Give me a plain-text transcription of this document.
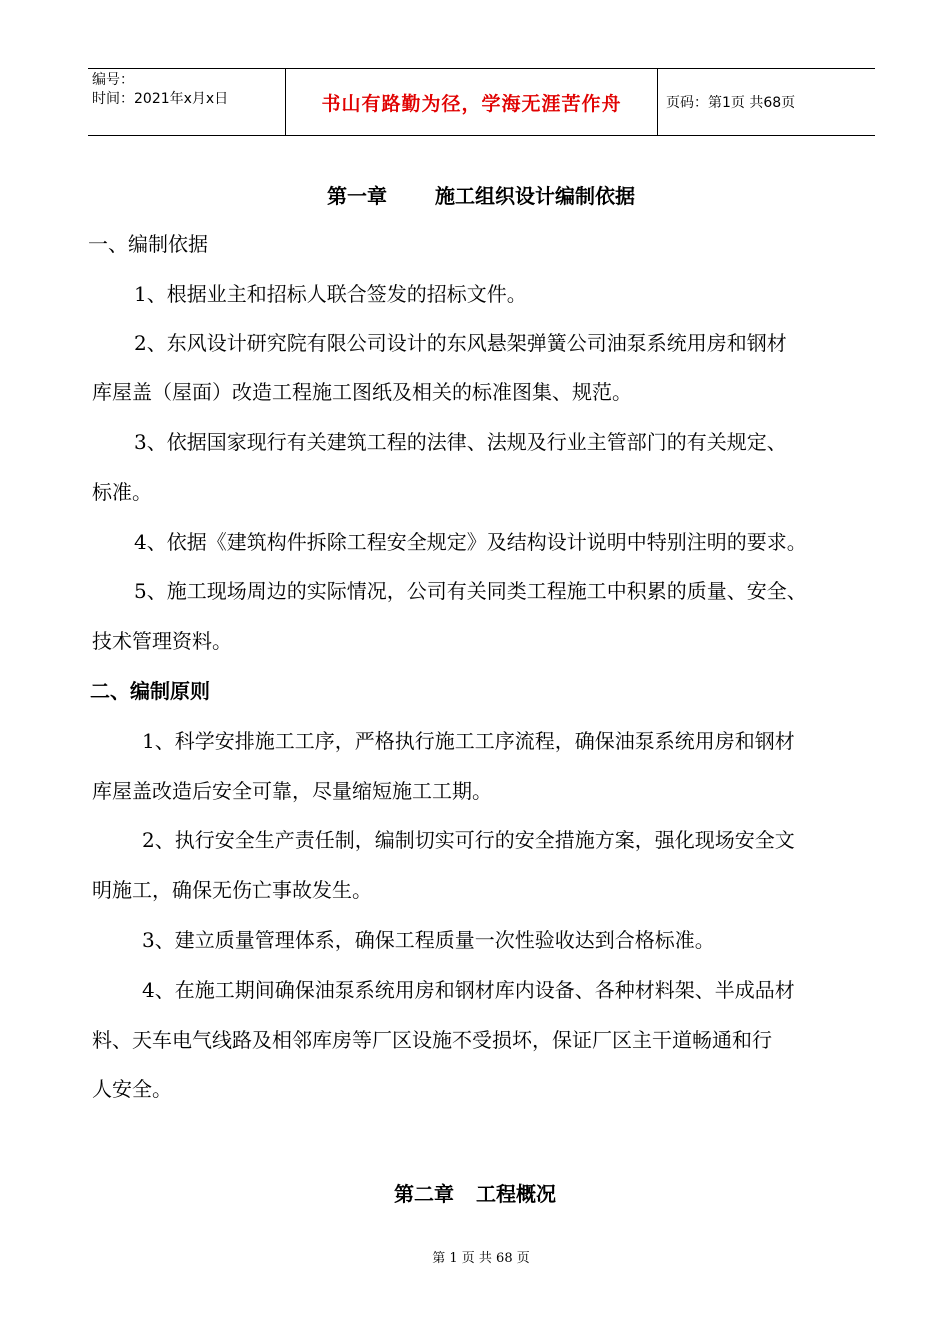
编号：
时间：2021年x月x日	书山有路勤为径，学海无涯苦作舟	页码：第1页 共68页
第一章 施工组织设计编制依据
一、编制依据
1、根据业主和招标人联合签发的招标文件。
2、东风设计研究院有限公司设计的东风悬架弹簧公司油泵系统用房和钢材
库屋盖（屋面）改造工程施工图纸及相关的标准图集、规范。
3、依据国家现行有关建筑工程的法律、法规及行业主管部门的有关规定、
标准。
4、依据《建筑构件拆除工程安全规定》及结构设计说明中特别注明的要求。
5、施工现场周边的实际情况，公司有关同类工程施工中积累的质量、安全、
技术管理资料。
二、编制原则
1、科学安排施工工序，严格执行施工工序流程，确保油泵系统用房和钢材
库屋盖改造后安全可靠，尽量缩短施工工期。
2、执行安全生产责任制，编制切实可行的安全措施方案，强化现场安全文
明施工，确保无伤亡事故发生。
3、建立质量管理体系，确保工程质量一次性验收达到合格标准。
4、在施工期间确保油泵系统用房和钢材库内设备、各种材料架、半成品材
料、天车电气线路及相邻库房等厂区设施不受损坏，保证厂区主干道畅通和行
人安全。
第二章 工程概况
第 1 页 共 68 页
